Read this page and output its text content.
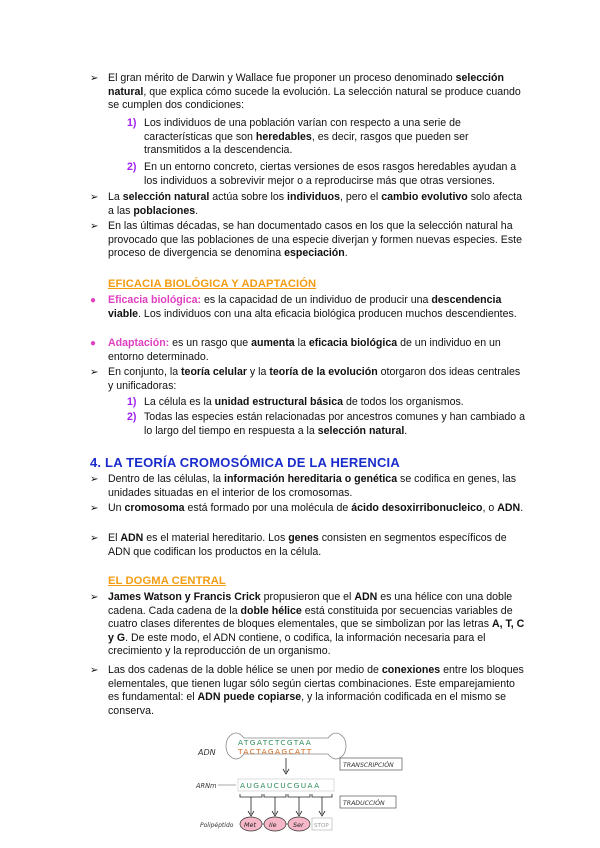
➢ El gran mérito de Darwin y Wallace fue proponer un proceso denominado selección natural, que explica cómo sucede la evolución. La selección natural se produce cuando se cumplen dos condiciones:
1) Los individuos de una población varían con respecto a una serie de características que son heredables, es decir, rasgos que pueden ser transmitidos a la descendencia.
2) En un entorno concreto, ciertas versiones de esos rasgos heredables ayudan a los individuos a sobrevivir mejor o a reproducirse más que otras versiones.
➢ La selección natural actúa sobre los individuos, pero el cambio evolutivo solo afecta a las poblaciones.
➢ En las últimas décadas, se han documentado casos en los que la selección natural ha provocado que las poblaciones de una especie diverjan y formen nuevas especies. Este proceso de divergencia se denomina especiación.
EFICACIA BIOLÓGICA Y ADAPTACIÓN
● Eficacia biológica: es la capacidad de un individuo de producir una descendencia viable. Los individuos con una alta eficacia biológica producen muchos descendientes.
● Adaptación: es un rasgo que aumenta la eficacia biológica de un individuo en un entorno determinado.
➢ En conjunto, la teoría celular y la teoría de la evolución otorgaron dos ideas centrales y unificadoras:
1) La célula es la unidad estructural básica de todos los organismos.
2) Todas las especies están relacionadas por ancestros comunes y han cambiado a lo largo del tiempo en respuesta a la selección natural.
4. LA TEORÍA CROMOSÓMICA DE LA HERENCIA
➢ Dentro de las células, la información hereditaria o genética se codifica en genes, las unidades situadas en el interior de los cromosomas.
➢ Un cromosoma está formado por una molécula de ácido desoxirribonucleico, o ADN.
➢ El ADN es el material hereditario. Los genes consisten en segmentos específicos de ADN que codifican los productos en la célula.
EL DOGMA CENTRAL
➢ James Watson y Francis Crick propusieron que el ADN es una hélice con una doble cadena. Cada cadena de la doble hélice está constituida por secuencias variables de cuatro clases diferentes de bloques elementales, que se simbolizan por las letras A, T, C y G. De este modo, el ADN contiene, o codifica, la información necesaria para el crecimiento y la reproducción de un organismo.
➢ Las dos cadenas de la doble hélice se unen por medio de conexiones entre los bloques elementales, que tienen lugar sólo según ciertas combinaciones. Este emparejamiento es fundamental: el ADN puede copiarse, y la información codificada en el mismo se conserva.
ADN
ATGATCTCGTAA
TACTAGAGCATT
TRANSCRIPCIÓN
ARNm	AUGAUCUCGUAA
TRADUCCIÓN
Polipéptido Met Ile	Ser STOP
